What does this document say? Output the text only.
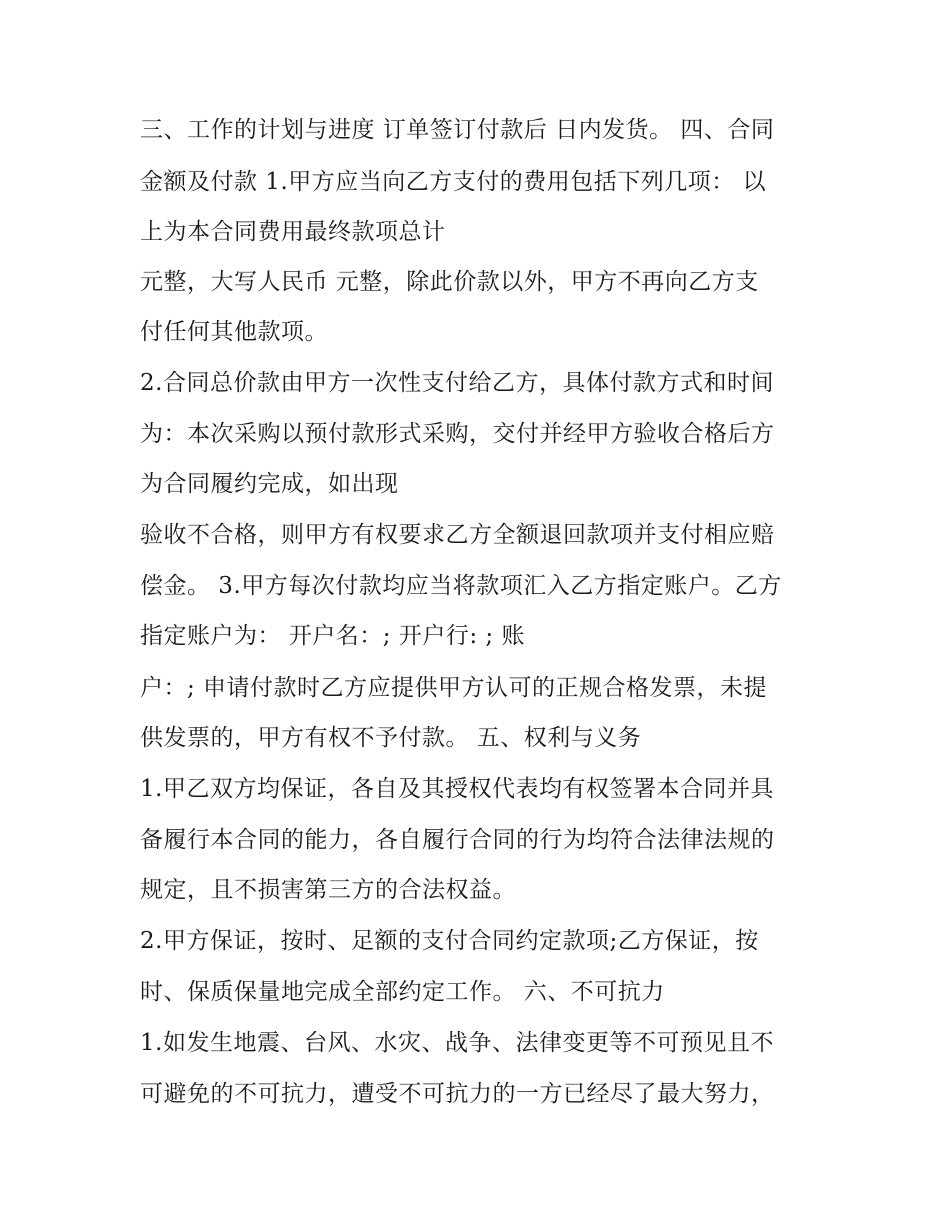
三、工作的计划与进度 订单签订付款后 日内发货。 四、合同
金额及付款 1.甲方应当向乙方支付的费用包括下列几项： 以
上为本合同费用最终款项总计
元整，大写人民币 元整，除此价款以外，甲方不再向乙方支
付任何其他款项。
2.合同总价款由甲方一次性支付给乙方，具体付款方式和时间
为：本次采购以预付款形式采购，交付并经甲方验收合格后方
为合同履约完成，如出现
验收不合格，则甲方有权要求乙方全额退回款项并支付相应赔
偿金。 3.甲方每次付款均应当将款项汇入乙方指定账户。乙方
指定账户为： 开户名：; 开户行: ; 账
户：; 申请付款时乙方应提供甲方认可的正规合格发票，未提
供发票的，甲方有权不予付款。 五、权利与义务
1.甲乙双方均保证，各自及其授权代表均有权签署本合同并具
备履行本合同的能力，各自履行合同的行为均符合法律法规的
规定，且不损害第三方的合法权益。
2.甲方保证，按时、足额的支付合同约定款项;乙方保证，按
时、保质保量地完成全部约定工作。 六、不可抗力
1.如发生地震、台风、水灾、战争、法律变更等不可预见且不
可避免的不可抗力，遭受不可抗力的一方已经尽了最大努力，
